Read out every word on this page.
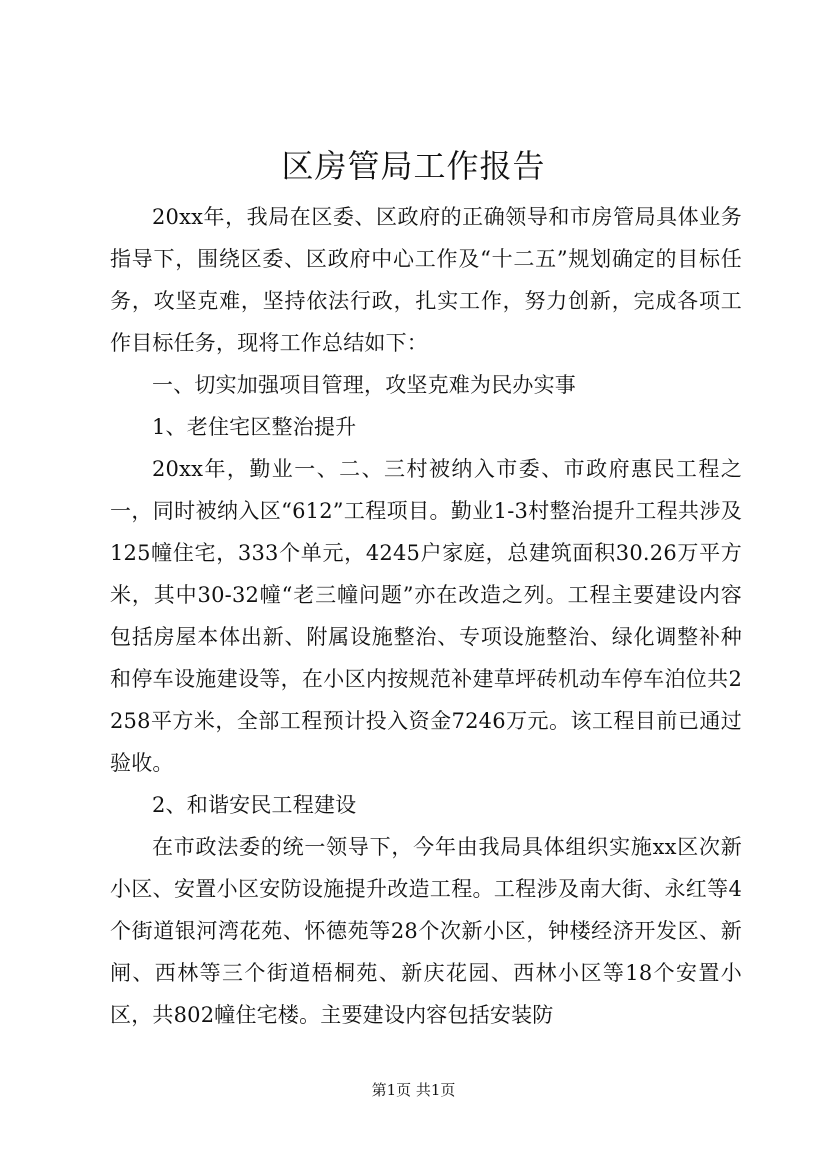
区房管局工作报告

20xx年，我局在区委、区政府的正确领导和市房管局具体业务指导下，围绕区委、区政府中心工作及“十二五”规划确定的目标任务，攻坚克难，坚持依法行政，扎实工作，努力创新，完成各项工作目标任务，现将工作总结如下：

一、切实加强项目管理，攻坚克难为民办实事

1、老住宅区整治提升

20xx年，勤业一、二、三村被纳入市委、市政府惠民工程之一，同时被纳入区“612”工程项目。勤业1-3村整治提升工程共涉及125幢住宅，333个单元，4245户家庭，总建筑面积30.26万平方米，其中30-32幢“老三幢问题”亦在改造之列。工程主要建设内容包括房屋本体出新、附属设施整治、专项设施整治、绿化调整补种和停车设施建设等，在小区内按规范补建草坪砖机动车停车泊位共2258平方米，全部工程预计投入资金7246万元。该工程目前已通过验收。

2、和谐安民工程建设

在市政法委的统一领导下，今年由我局具体组织实施xx区次新小区、安置小区安防设施提升改造工程。工程涉及南大街、永红等4个街道银河湾花苑、怀德苑等28个次新小区，钟楼经济开发区、新闸、西林等三个街道梧桐苑、新庆花园、西林小区等18个安置小区，共802幢住宅楼。主要建设内容包括安装防

第1页 共1页
